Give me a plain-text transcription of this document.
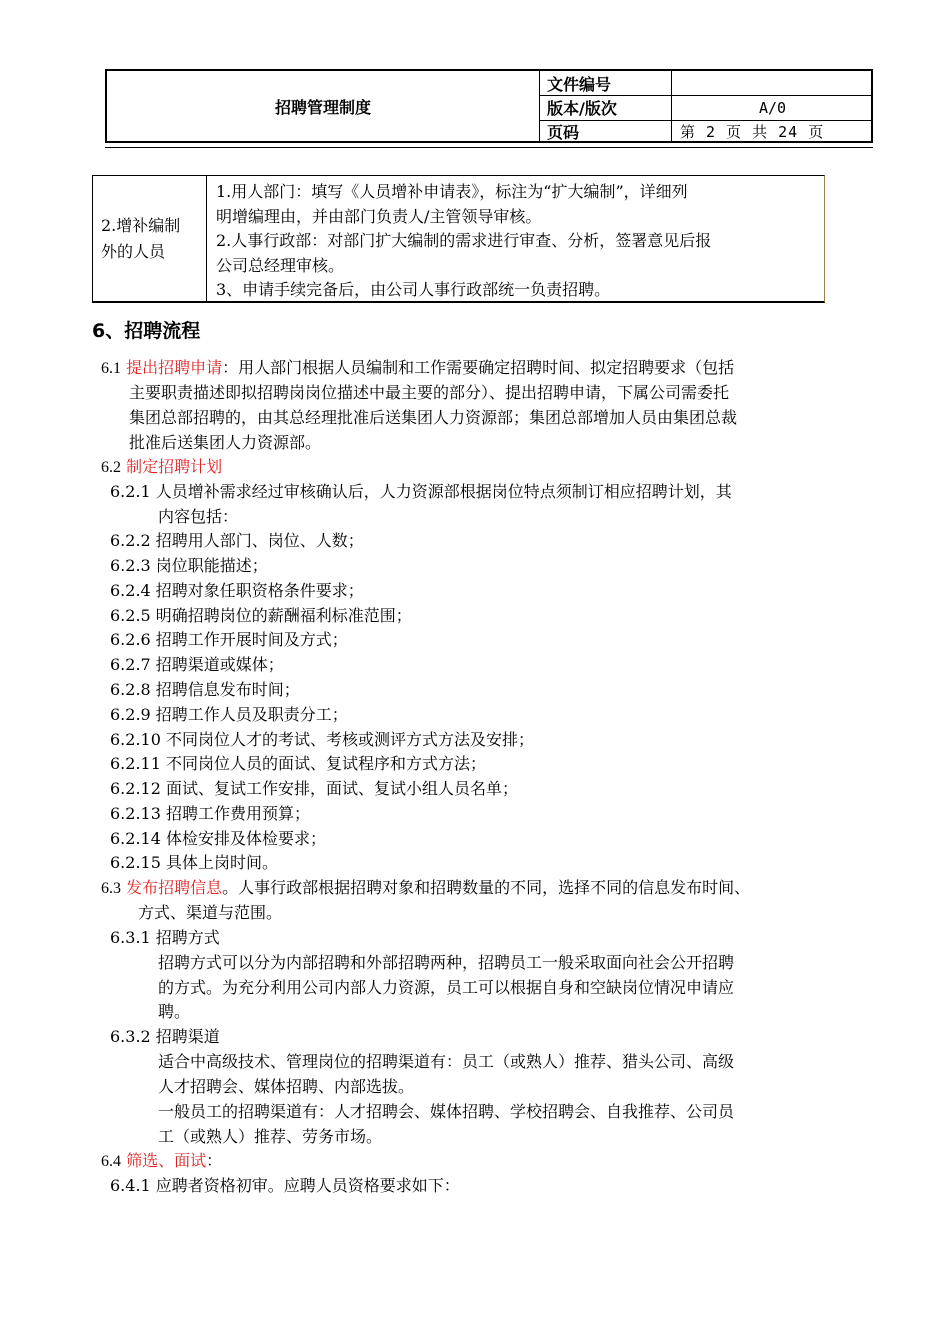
招聘管理制度
文件编号
版本/版次	A/0
页码	第 2 页 共 24 页
2.增补编制
外的人员
1.用人部门：填写《人员增补申请表》，标注为“扩大编制”，详细列
明增编理由，并由部门负责人/主管领导审核。
2.人事行政部：对部门扩大编制的需求进行审查、分析，签署意见后报
公司总经理审核。
3、申请手续完备后，由公司人事行政部统一负责招聘。
6、招聘流程
6.1 提出招聘申请：用人部门根据人员编制和工作需要确定招聘时间、拟定招聘要求（包括
主要职责描述即拟招聘岗岗位描述中最主要的部分）、提出招聘申请，下属公司需委托
集团总部招聘的，由其总经理批准后送集团人力资源部；集团总部增加人员由集团总裁
批准后送集团人力资源部。
6.2 制定招聘计划
6.2.1 人员增补需求经过审核确认后，人力资源部根据岗位特点须制订相应招聘计划，其
内容包括：
6.2.2 招聘用人部门、岗位、人数；
6.2.3 岗位职能描述；
6.2.4 招聘对象任职资格条件要求；
6.2.5 明确招聘岗位的薪酬福利标准范围；
6.2.6 招聘工作开展时间及方式；
6.2.7 招聘渠道或媒体；
6.2.8 招聘信息发布时间；
6.2.9 招聘工作人员及职责分工；
6.2.10 不同岗位人才的考试、考核或测评方式方法及安排；
6.2.11 不同岗位人员的面试、复试程序和方式方法；
6.2.12 面试、复试工作安排，面试、复试小组人员名单；
6.2.13 招聘工作费用预算；
6.2.14 体检安排及体检要求；
6.2.15 具体上岗时间。
6.3 发布招聘信息。人事行政部根据招聘对象和招聘数量的不同，选择不同的信息发布时间、
方式、渠道与范围。
6.3.1 招聘方式
招聘方式可以分为内部招聘和外部招聘两种，招聘员工一般采取面向社会公开招聘
的方式。为充分利用公司内部人力资源，员工可以根据自身和空缺岗位情况申请应
聘。
6.3.2 招聘渠道
适合中高级技术、管理岗位的招聘渠道有：员工（或熟人）推荐、猎头公司、高级
人才招聘会、媒体招聘、内部选拔。
一般员工的招聘渠道有：人才招聘会、媒体招聘、学校招聘会、自我推荐、公司员
工（或熟人）推荐、劳务市场。
6.4 筛选、面试：
6.4.1 应聘者资格初审。应聘人员资格要求如下：
